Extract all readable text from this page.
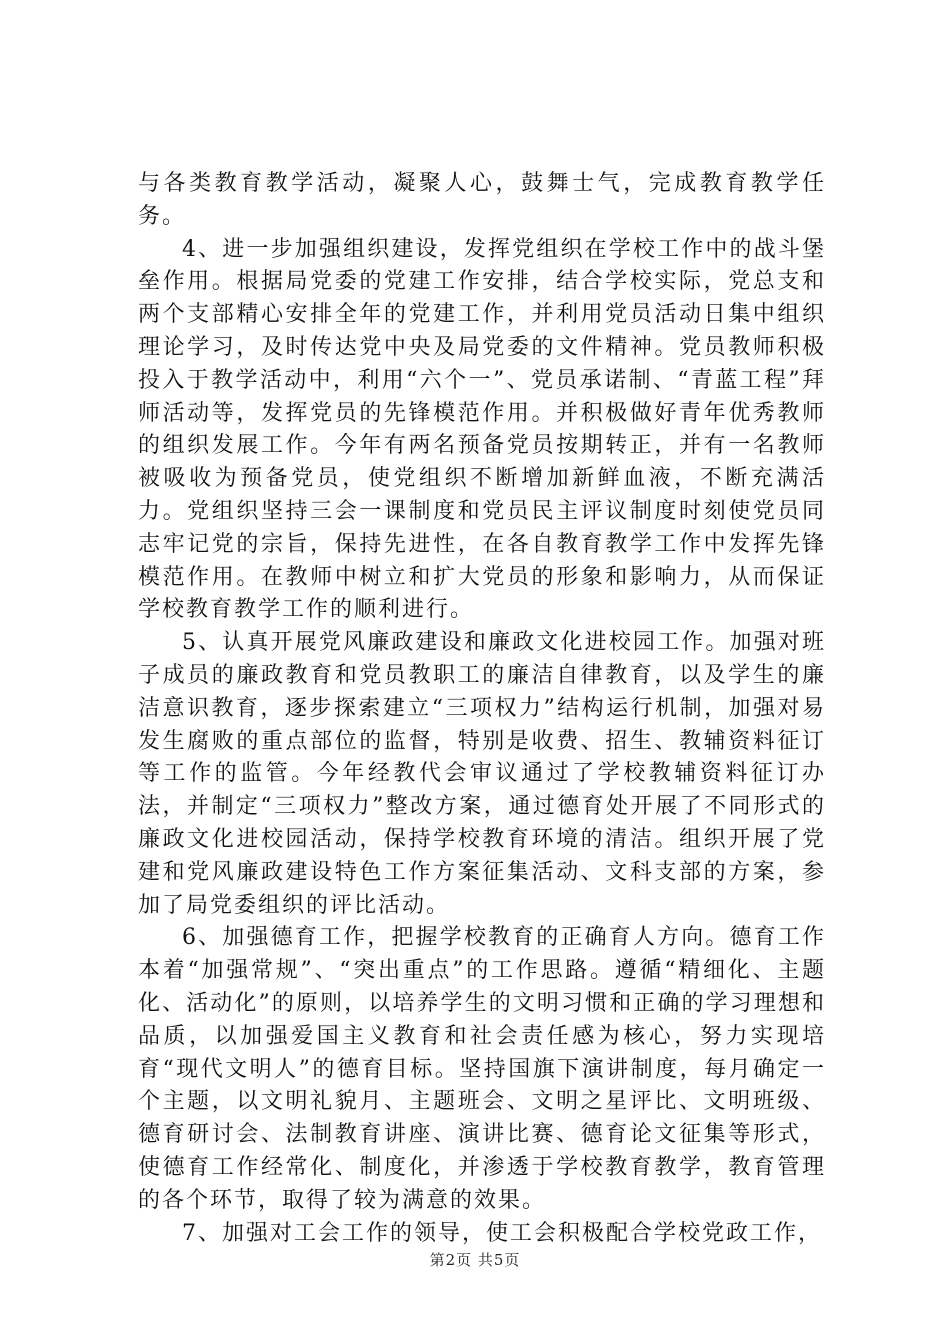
与各类教育教学活动，凝聚人心，鼓舞士气，完成教育教学任务。

4、进一步加强组织建设，发挥党组织在学校工作中的战斗堡垒作用。根据局党委的党建工作安排，结合学校实际，党总支和两个支部精心安排全年的党建工作，并利用党员活动日集中组织理论学习，及时传达党中央及局党委的文件精神。党员教师积极投入于教学活动中，利用“六个一”、党员承诺制、“青蓝工程”拜师活动等，发挥党员的先锋模范作用。并积极做好青年优秀教师的组织发展工作。今年有两名预备党员按期转正，并有一名教师被吸收为预备党员，使党组织不断增加新鲜血液，不断充满活力。党组织坚持三会一课制度和党员民主评议制度时刻使党员同志牢记党的宗旨，保持先进性，在各自教育教学工作中发挥先锋模范作用。在教师中树立和扩大党员的形象和影响力，从而保证学校教育教学工作的顺利进行。

5、认真开展党风廉政建设和廉政文化进校园工作。加强对班子成员的廉政教育和党员教职工的廉洁自律教育，以及学生的廉洁意识教育，逐步探索建立“三项权力”结构运行机制，加强对易发生腐败的重点部位的监督，特别是收费、招生、教辅资料征订等工作的监管。今年经教代会审议通过了学校教辅资料征订办法，并制定“三项权力”整改方案，通过德育处开展了不同形式的廉政文化进校园活动，保持学校教育环境的清洁。组织开展了党建和党风廉政建设特色工作方案征集活动、文科支部的方案，参加了局党委组织的评比活动。

6、加强德育工作，把握学校教育的正确育人方向。德育工作本着“加强常规”、“突出重点”的工作思路。遵循“精细化、主题化、活动化”的原则，以培养学生的文明习惯和正确的学习理想和品质，以加强爱国主义教育和社会责任感为核心，努力实现培育“现代文明人”的德育目标。坚持国旗下演讲制度，每月确定一个主题，以文明礼貌月、主题班会、文明之星评比、文明班级、德育研讨会、法制教育讲座、演讲比赛、德育论文征集等形式，使德育工作经常化、制度化，并渗透于学校教育教学，教育管理的各个环节，取得了较为满意的效果。

7、加强对工会工作的领导，使工会积极配合学校党政工作，

第2页 共5页
